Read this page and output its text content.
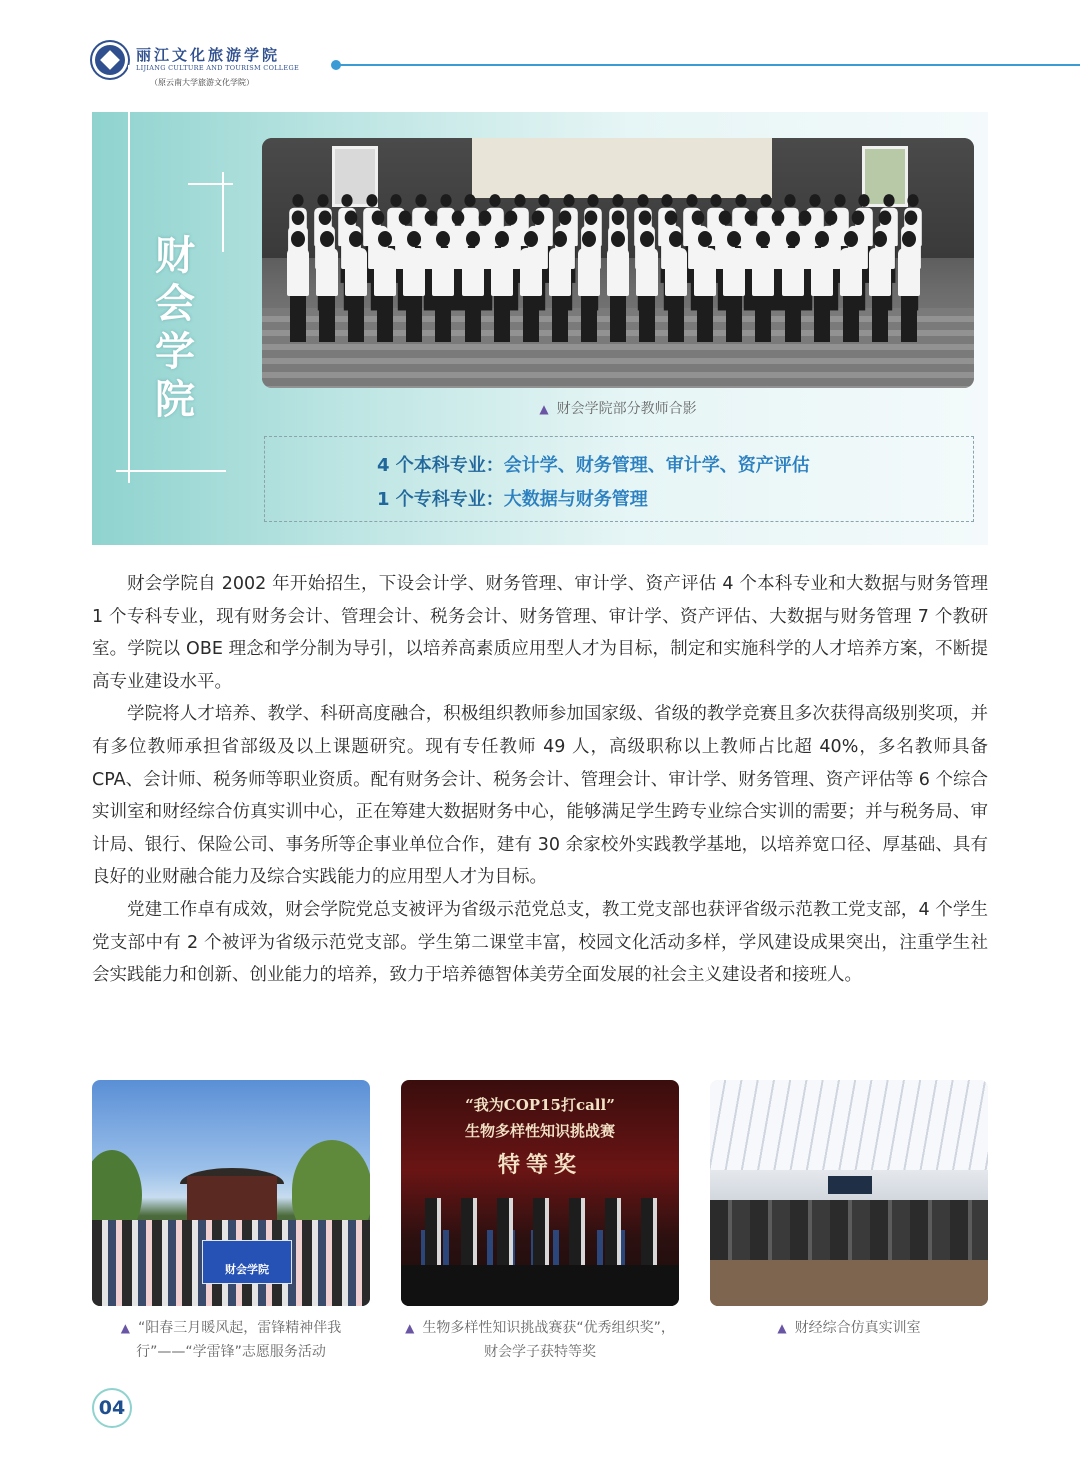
丽江文化旅游学院
LIJIANG CULTURE AND TOURISM COLLEGE
（原云南大学旅游文化学院）
财
会
学
院	▲ 财会学院部分教师合影
4 个本科专业：会计学、财务管理、审计学、资产评估
1 个专科专业：大数据与财务管理

财会学院自 2002 年开始招生，下设会计学、财务管理、审计学、资产评估 4 个本科专业和大数据与财务管理 1 个专科专业，现有财务会计、管理会计、税务会计、财务管理、审计学、资产评估、大数据与财务管理 7 个教研室。学院以 OBE 理念和学分制为导引，以培养高素质应用型人才为目标，制定和实施科学的人才培养方案，不断提高专业建设水平。

学院将人才培养、教学、科研高度融合，积极组织教师参加国家级、省级的教学竞赛且多次获得高级别奖项，并有多位教师承担省部级及以上课题研究。现有专任教师 49 人，高级职称以上教师占比超 40%，多名教师具备 CPA、会计师、税务师等职业资质。配有财务会计、税务会计、管理会计、审计学、财务管理、资产评估等 6 个综合实训室和财经综合仿真实训中心，正在筹建大数据财务中心，能够满足学生跨专业综合实训的需要；并与税务局、审计局、银行、保险公司、事务所等企事业单位合作，建有 30 余家校外实践教学基地，以培养宽口径、厚基础、具有良好的业财融合能力及综合实践能力的应用型人才为目标。

党建工作卓有成效，财会学院党总支被评为省级示范党总支，教工党支部也获评省级示范教工党支部，4 个学生党支部中有 2 个被评为省级示范党支部。学生第二课堂丰富，校园文化活动多样，学风建设成果突出，注重学生社会实践能力和创新、创业能力的培养，致力于培养德智体美劳全面发展的社会主义建设者和接班人。

财会学院
“我为COP15打call”
生物多样性知识挑战赛
特等奖
▲ “阳春三月暖风起，雷锋精神伴我行”——“学雷锋”志愿服务活动
▲ 生物多样性知识挑战赛获“优秀组织奖”，财会学子获特等奖
▲ 财经综合仿真实训室
04
